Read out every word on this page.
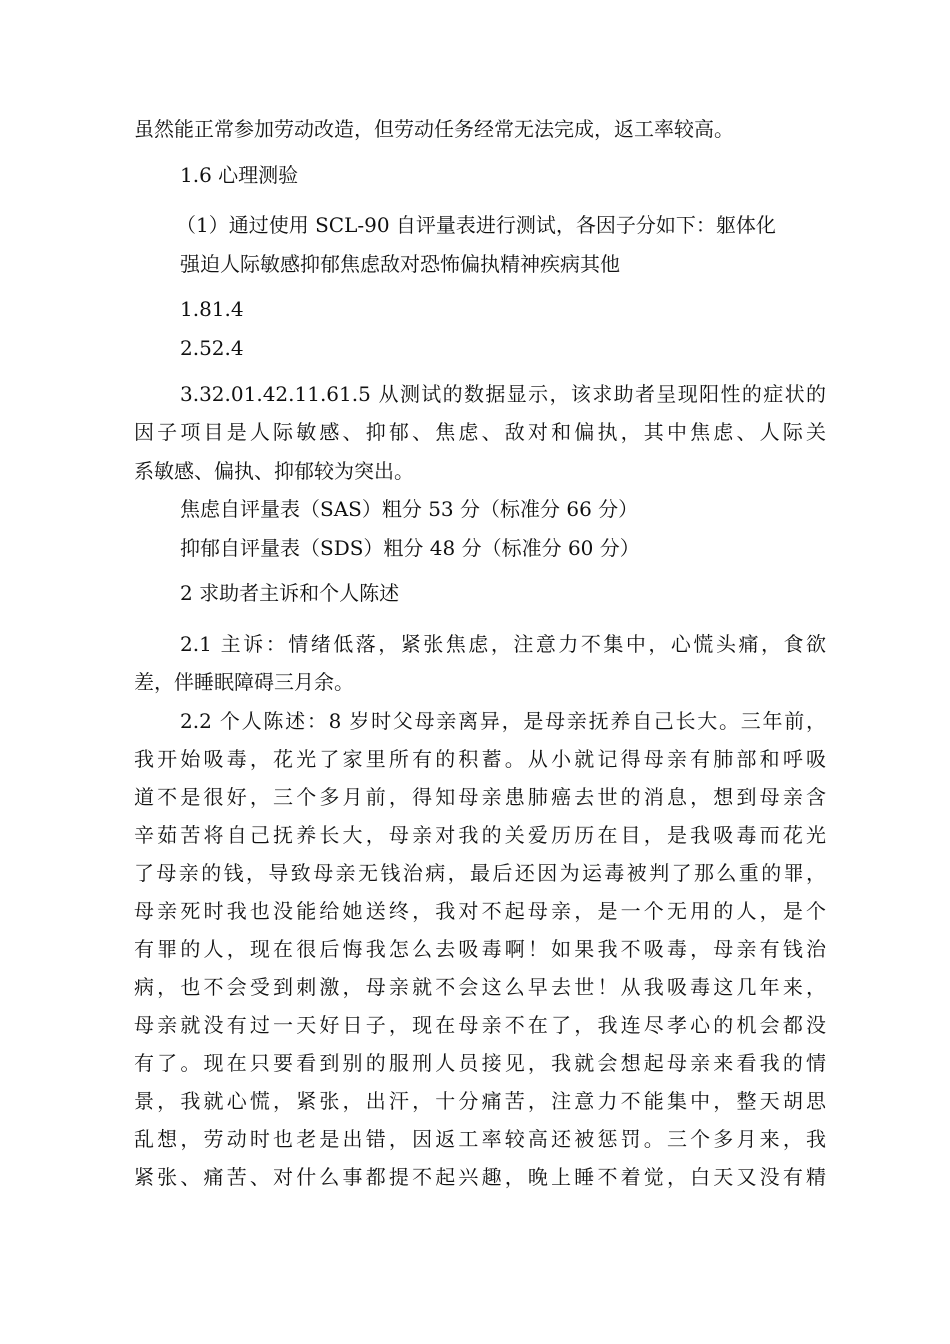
虽然能正常参加劳动改造，但劳动任务经常无法完成，返工率较高。
1.6 心理测验
（1）通过使用 SCL-90 自评量表进行测试，各因子分如下：躯体化
强迫人际敏感抑郁焦虑敌对恐怖偏执精神疾病其他
1.81.4
2.52.4
3.32.01.42.11.61.5 从测试的数据显示，该求助者呈现阳性的症状的
因子项目是人际敏感、抑郁、焦虑、敌对和偏执，其中焦虑、人际关
系敏感、偏执、抑郁较为突出。
焦虑自评量表（SAS）粗分 53 分（标准分 66 分）
抑郁自评量表（SDS）粗分 48 分（标准分 60 分）
2 求助者主诉和个人陈述
2.1 主诉：情绪低落，紧张焦虑，注意力不集中，心慌头痛，食欲
差，伴睡眠障碍三月余。
2.2 个人陈述：8 岁时父母亲离异，是母亲抚养自己长大。三年前，
我开始吸毒，花光了家里所有的积蓄。从小就记得母亲有肺部和呼吸
道不是很好，三个多月前，得知母亲患肺癌去世的消息，想到母亲含
辛茹苦将自己抚养长大，母亲对我的关爱历历在目，是我吸毒而花光
了母亲的钱，导致母亲无钱治病，最后还因为运毒被判了那么重的罪，
母亲死时我也没能给她送终，我对不起母亲，是一个无用的人，是个
有罪的人，现在很后悔我怎么去吸毒啊！如果我不吸毒，母亲有钱治
病，也不会受到刺激，母亲就不会这么早去世！从我吸毒这几年来，
母亲就没有过一天好日子，现在母亲不在了，我连尽孝心的机会都没
有了。现在只要看到别的服刑人员接见，我就会想起母亲来看我的情
景，我就心慌，紧张，出汗，十分痛苦，注意力不能集中，整天胡思
乱想，劳动时也老是出错，因返工率较高还被惩罚。三个多月来，我
紧张、痛苦、对什么事都提不起兴趣，晚上睡不着觉，白天又没有精
